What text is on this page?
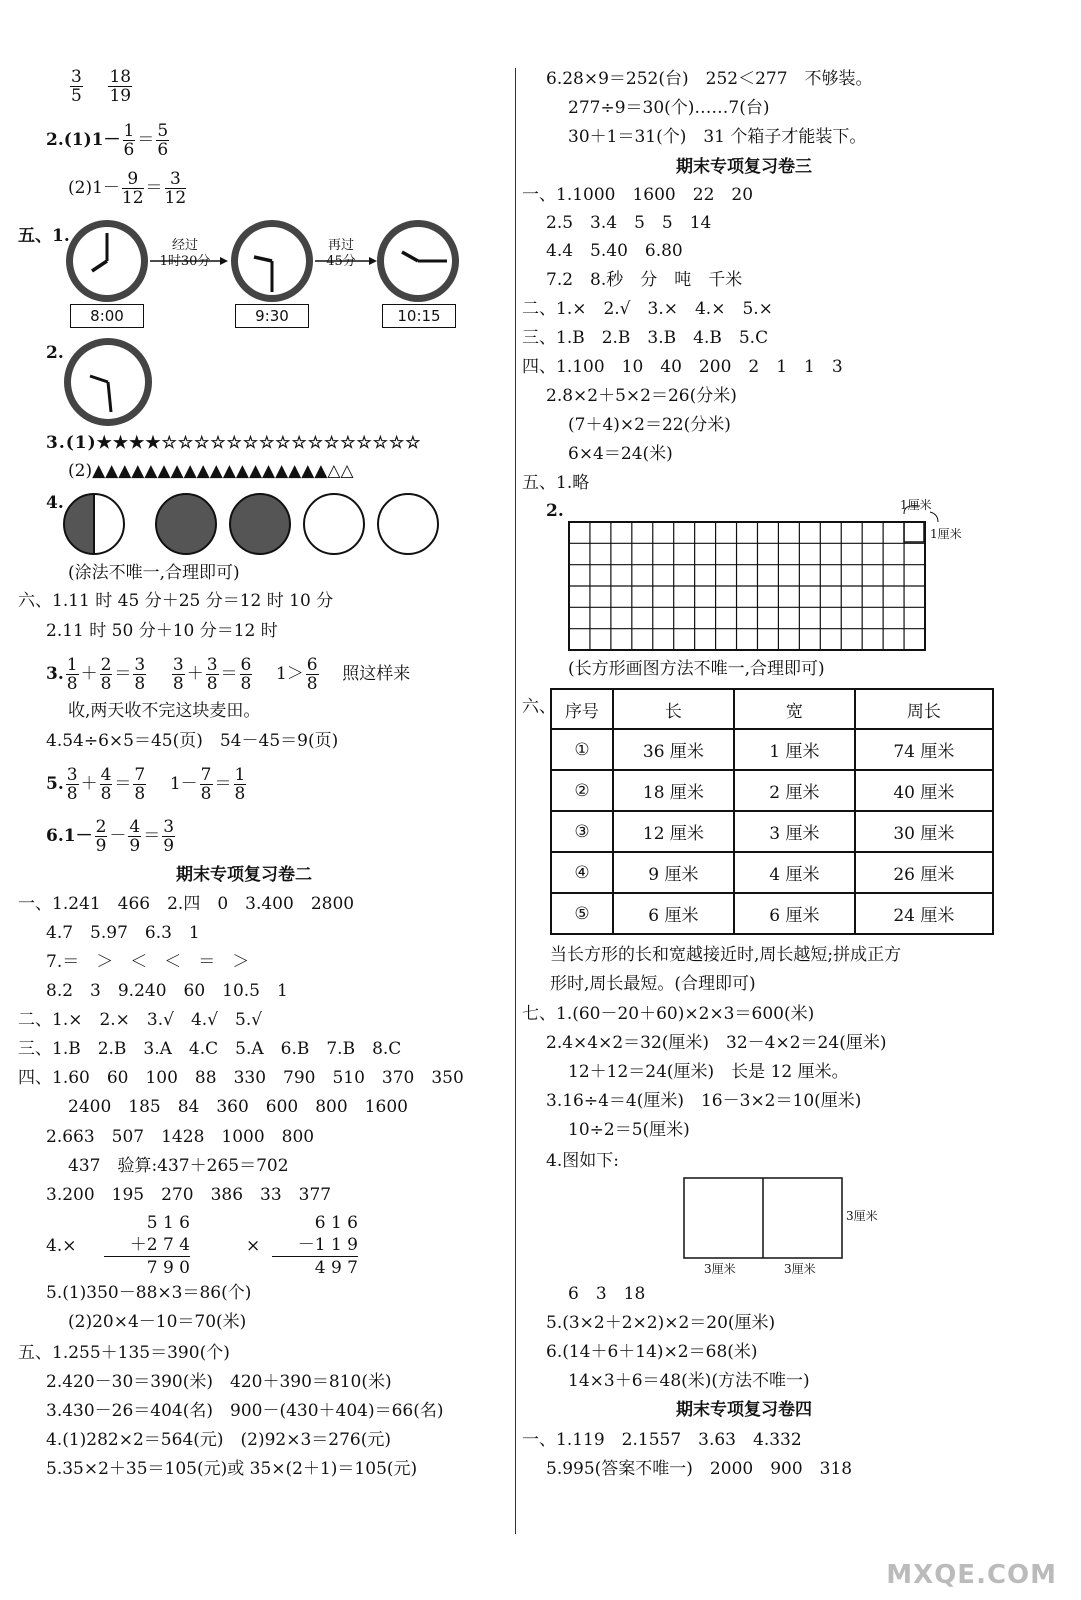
$\frac{3}{5}$
$\frac{18}{19}$
$2.(1)1- \frac{1}{6} = \frac{5}{6}$
$(2)1- \frac{9}{12} = \frac{3}{12}$
五、1.	经过
1时30分
再过
45分
8:00	9:30	10:15
2.
3.(1)★★★★☆☆☆☆☆☆☆☆☆☆☆☆☆☆☆☆
(2)▲▲▲▲▲▲▲▲▲▲▲▲▲▲▲▲▲▲△△
4.
(涂法不唯一,合理即可)
六、1.11 时 45 分＋25 分＝12 时 10 分
2.11 时 50 分＋10 分＝12 时
3. $\frac{1}{8} + \frac{2}{8} = \frac{3}{8}$
$\frac{3}{8} + \frac{3}{8} = \frac{6}{8} 1> \frac{6}{8}$ 照这样来
收,两天收不完这块麦田。
4.54÷6×5＝45(页)　54－45＝9(页)
5. $\frac{3}{8} + \frac{4}{8} = \frac{7}{8} 1- \frac{7}{8} = \frac{1}{8}$
$6.1- \frac{2}{9} - \frac{4}{9} = \frac{3}{9}$
期末专项复习卷二
一、1.241　466　2.四　0　3.400　2800
4.7　5.97　6.3　1
7.＝　＞　＜　＜　＝　＞
8.2　3　9.240　60　10.5　1
二、1.×　2.×　3.√　4.√　5.√
三、1.B　2.B　3.A　4.C　5.A　6.B　7.B　8.C
四、1.60　60　100　88　330　790　510　370　350
2400　185　84　360　600　800　1600
2.663　507　1428　1000　800
437　验算:437＋265＝702
3.200　195　270　386　33　377
4.×	×
5 1 6
＋2 7 4
7 9 0
6 1 6
－1 1 9
4 9 7
5.(1)350－88×3＝86(个)
(2)20×4－10＝70(米)
五、1.255＋135＝390(个)
2.420－30＝390(米)　420＋390＝810(米)
3.430－26＝404(名)　900－(430＋404)＝66(名)
4.(1)282×2＝564(元)　(2)92×3＝276(元)
5.35×2＋35＝105(元)或 35×(2＋1)＝105(元)
6.28×9＝252(台)　252＜277　不够装。
277÷9＝30(个)……7(台)
30＋1＝31(个)　31 个箱子才能装下。
期末专项复习卷三
一、1.1000　1600　22　20
2.5　3.4　5　5　14
4.4　5.40　6.80
7.2　8.秒　分　吨　千米
二、1.×　2.√　3.×　4.×　5.×
三、1.B　2.B　3.B　4.B　5.C
四、1.100　10　40　200　2　1　1　3
2.8×2＋5×2＝26(分米)
(7＋4)×2＝22(分米)
6×4＝24(米)
五、1.略
2.	1厘米
1厘米
(长方形画图方法不唯一,合理即可)
六、 序号	长	宽	周长
①	36 厘米	1 厘米	74 厘米
②	18 厘米	2 厘米	40 厘米
③	12 厘米	3 厘米	30 厘米
④	9 厘米	4 厘米	26 厘米
⑤	6 厘米	6 厘米	24 厘米
当长方形的长和宽越接近时,周长越短;拼成正方
形时,周长最短。(合理即可)
七、1.(60－20＋60)×2×3＝600(米)
2.4×4×2＝32(厘米)　32－4×2＝24(厘米)
12＋12＝24(厘米)　长是 12 厘米。
3.16÷4＝4(厘米)　16－3×2＝10(厘米)
10÷2＝5(厘米)
4.图如下:
3厘米
3厘米	3厘米
6　3　18
5.(3×2＋2×2)×2＝20(厘米)
6.(14＋6＋14)×2＝68(米)
14×3＋6＝48(米)(方法不唯一)
期末专项复习卷四
一、1.119　2.1557　3.63　4.332
5.995(答案不唯一)　2000　900　318
MXQE.COM
